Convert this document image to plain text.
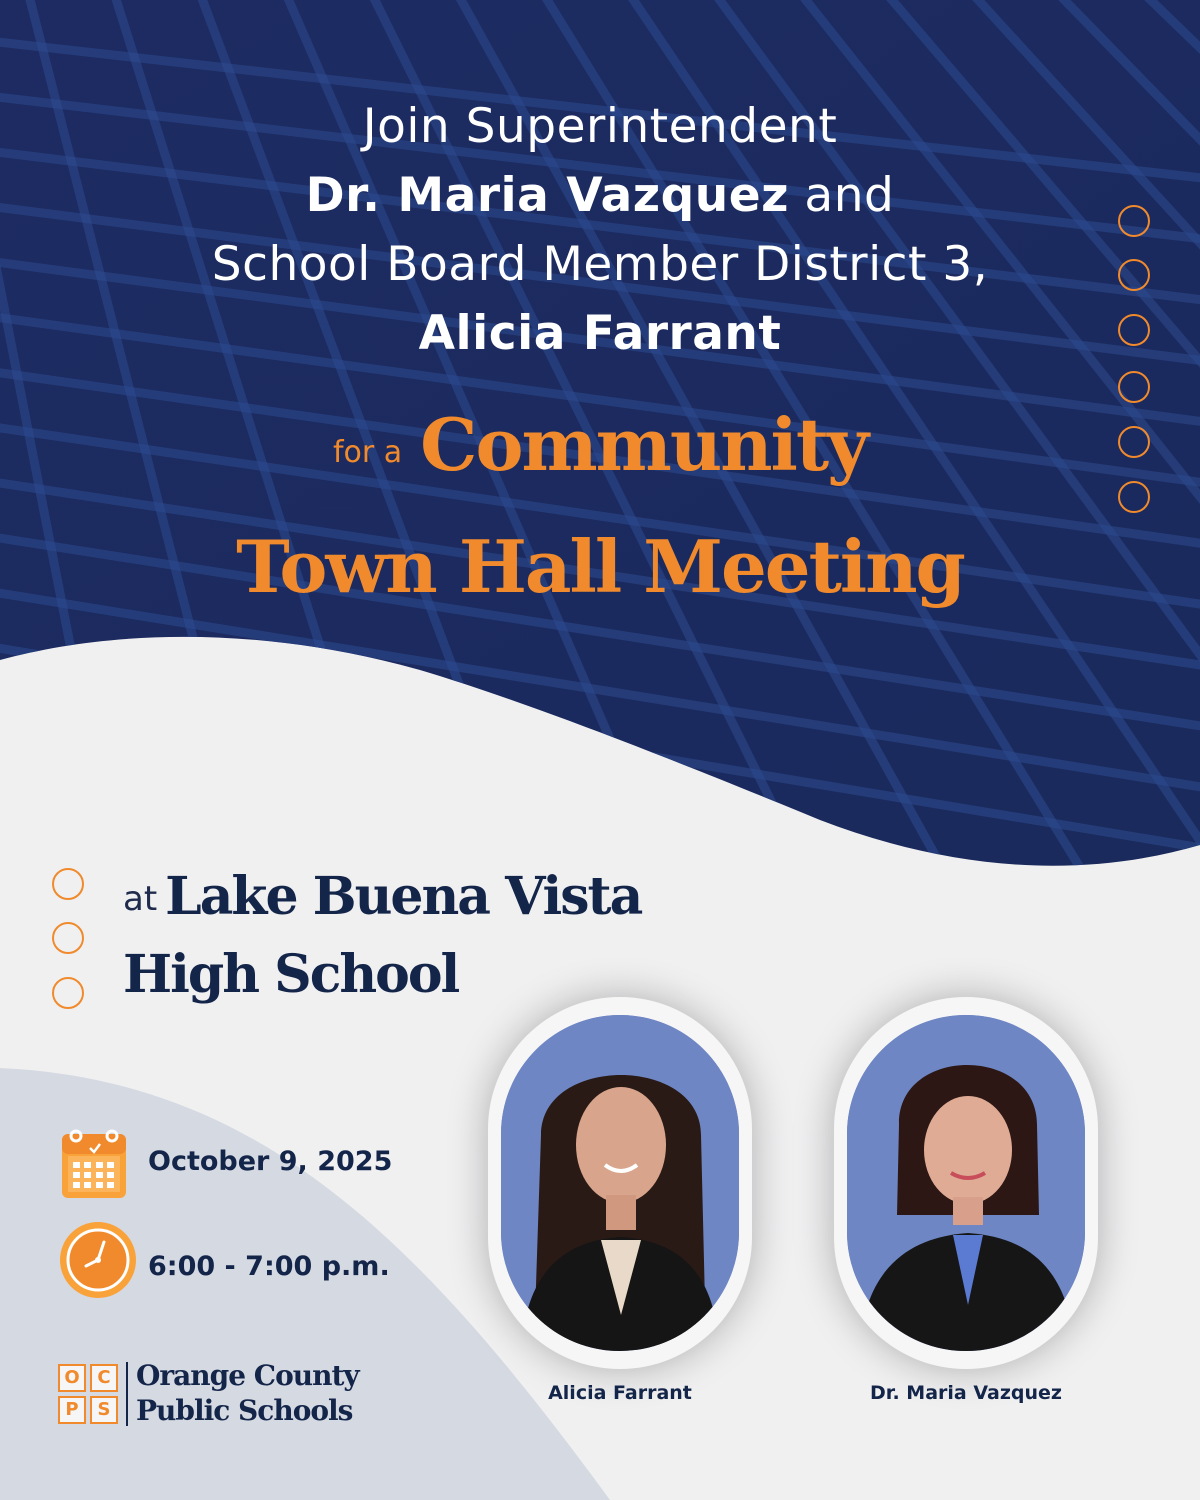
Join Superintendent
Dr. Maria Vazquez and
School Board Member District 3,
Alicia Farrant
for a Community
Town Hall Meeting
at Lake Buena Vista
High School
October 9, 2025
6:00 - 7:00 p.m.
Alicia Farrant	Dr. Maria Vazquez
O C
P	S
Orange County
Public Schools
